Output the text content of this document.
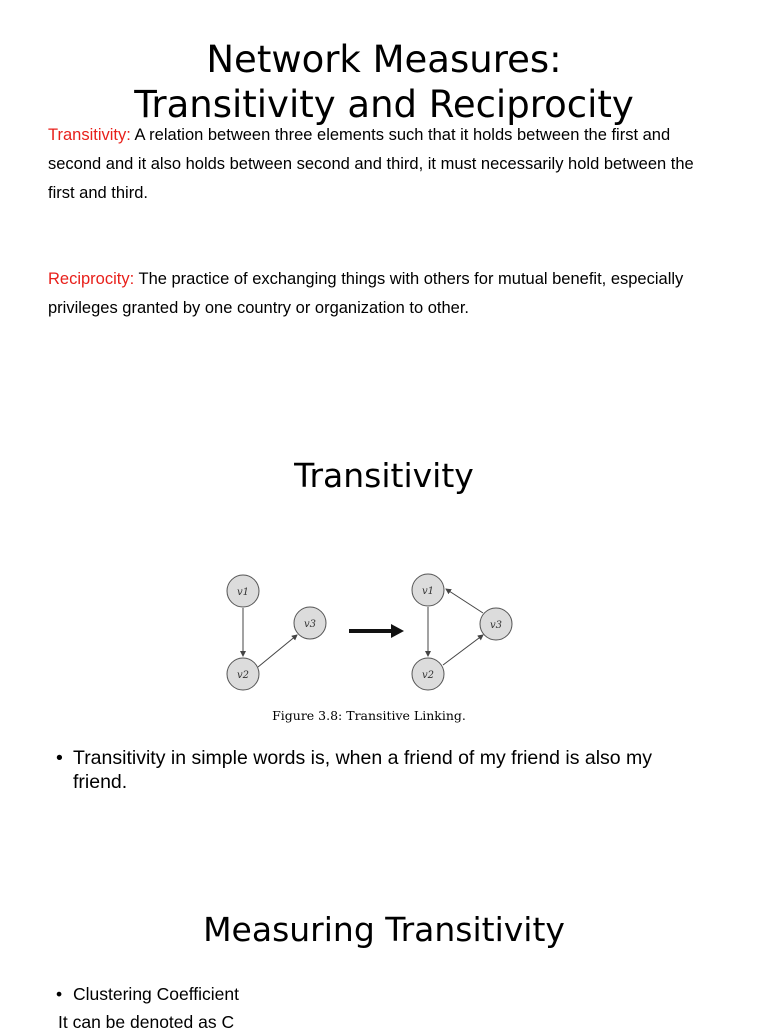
Network Measures:
Transitivity and Reciprocity

Transitivity: A relation between three elements such that it holds between the first and second and it also holds between second and third, it must necessarily hold between the first and third.

Reciprocity: The practice of exchanging things with others for mutual benefit, especially privileges granted by one country or organization to other.

Transitivity
v1
v2
v3
v1
v2
v3
Figure 3.8: Transitive Linking.
• Transitivity in simple words is, when a friend of my friend is also my friend.
Measuring Transitivity
• Clustering Coefficient

It can be denoted as C
